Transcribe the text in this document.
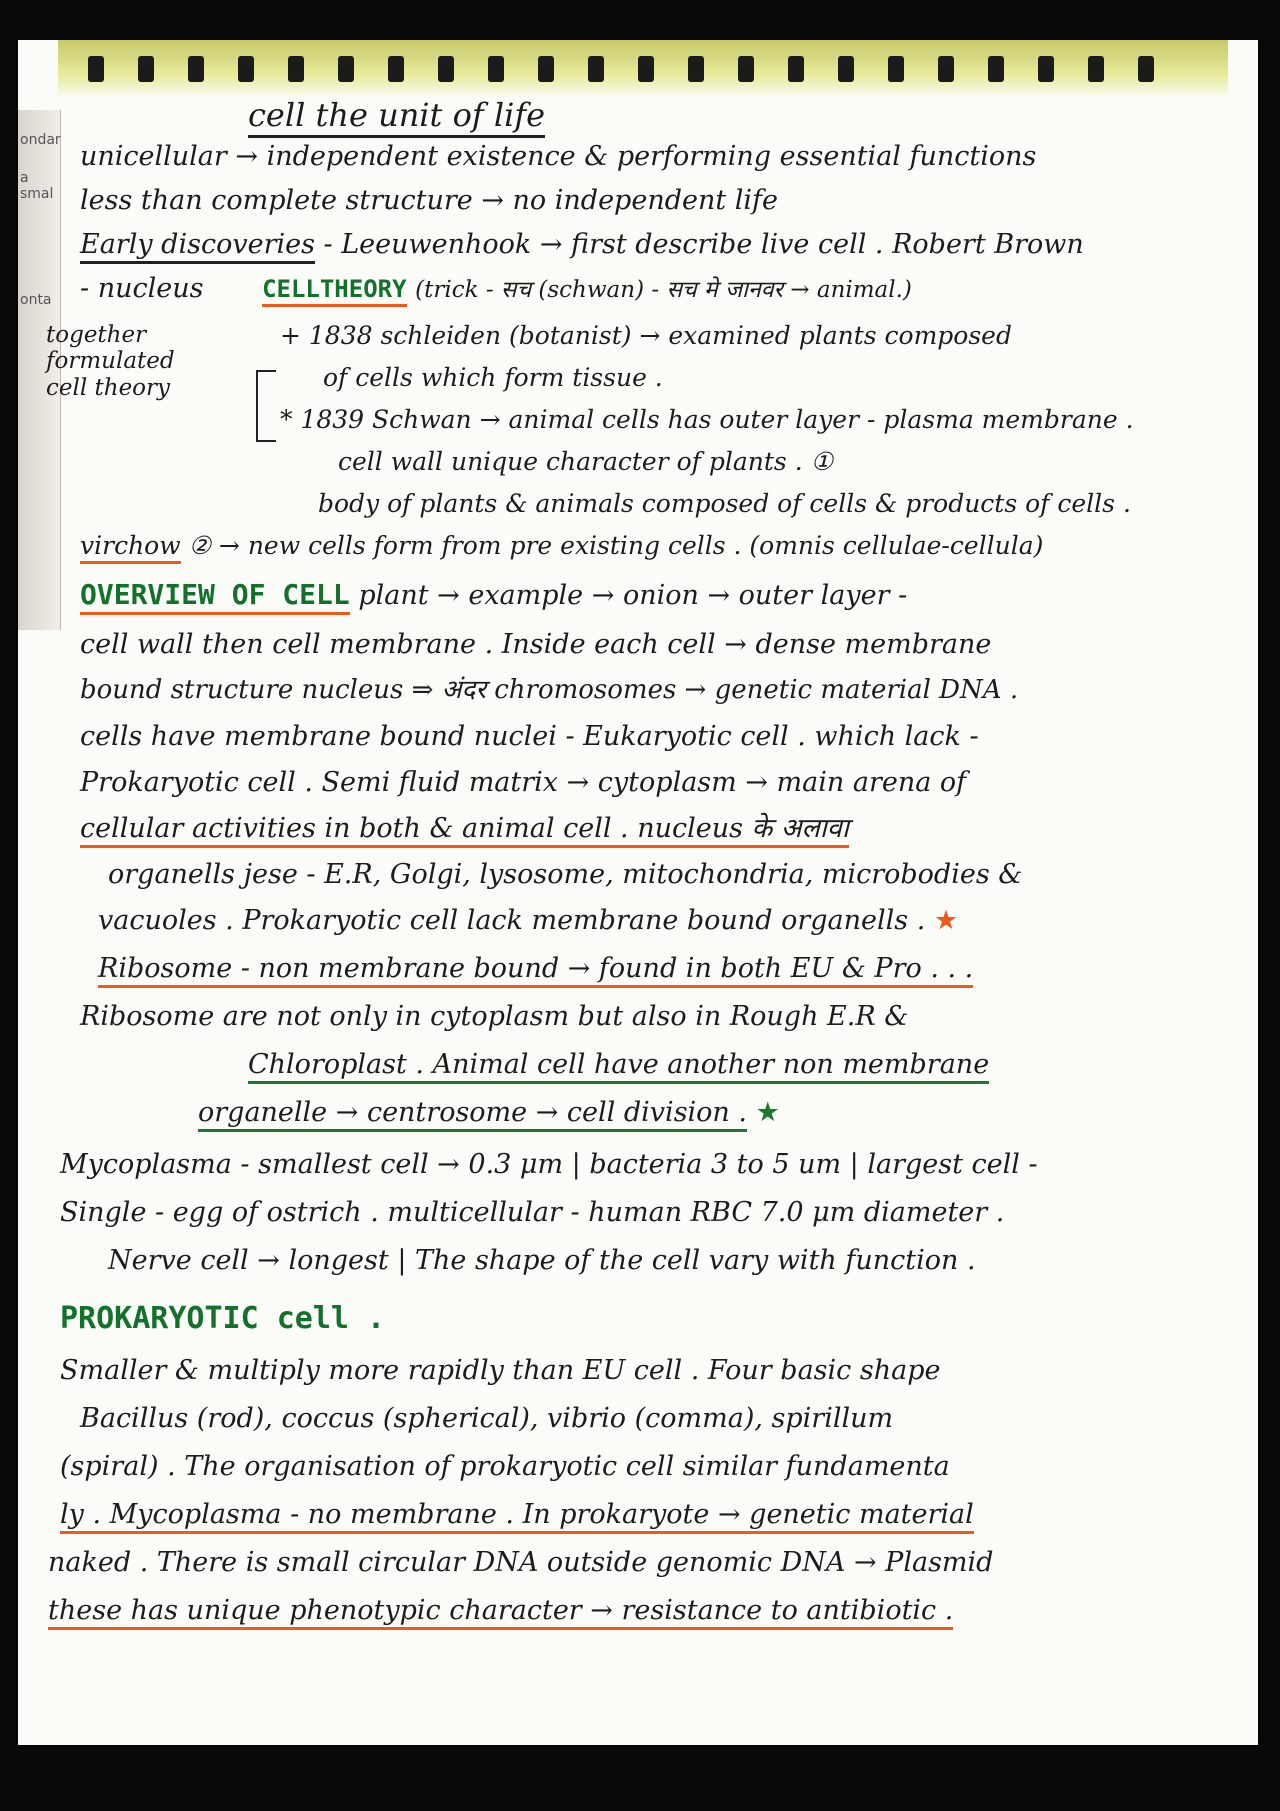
ondar
a smal
onta
cell the unit of life
unicellular → independent existence & performing essential functions
less than complete structure → no independent life
Early discoveries - Leeuwenhook → first describe live cell . Robert Brown
- nucleus CELLTHEORY (trick - सच (schwan) - सच मे जानवर → animal.)
together
formulated
cell theory
+ 1838 schleiden (botanist) → examined plants composed
of cells which form tissue .
* 1839 Schwan → animal cells has outer layer - plasma membrane .
cell wall unique character of plants . ①
body of plants & animals composed of cells & products of cells .
virchow ② → new cells form from pre existing cells . (omnis cellulae-cellula)
OVERVIEW OF CELL plant → example → onion → outer layer -
cell wall then cell membrane . Inside each cell → dense membrane
bound structure nucleus ⇒ अंदर chromosomes → genetic material DNA .
cells have membrane bound nuclei - Eukaryotic cell . which lack -
Prokaryotic cell . Semi fluid matrix → cytoplasm → main arena of
cellular activities in both & animal cell . nucleus के अलावा
organells jese - E.R, Golgi, lysosome, mitochondria, microbodies &
vacuoles . Prokaryotic cell lack membrane bound organells . ★
Ribosome - non membrane bound → found in both EU & Pro . . .
Ribosome are not only in cytoplasm but also in Rough E.R &
Chloroplast . Animal cell have another non membrane
organelle → centrosome → cell division . ★
Mycoplasma - smallest cell → 0.3 μm | bacteria 3 to 5 um | largest cell -
Single - egg of ostrich . multicellular - human RBC 7.0 μm diameter .
Nerve cell → longest | The shape of the cell vary with function .
PROKARYOTIC cell .
Smaller & multiply more rapidly than EU cell . Four basic shape
Bacillus (rod), coccus (spherical), vibrio (comma), spirillum
(spiral) . The organisation of prokaryotic cell similar fundamenta
ly . Mycoplasma - no membrane . In prokaryote → genetic material
naked . There is small circular DNA outside genomic DNA → Plasmid
these has unique phenotypic character → resistance to antibiotic .
